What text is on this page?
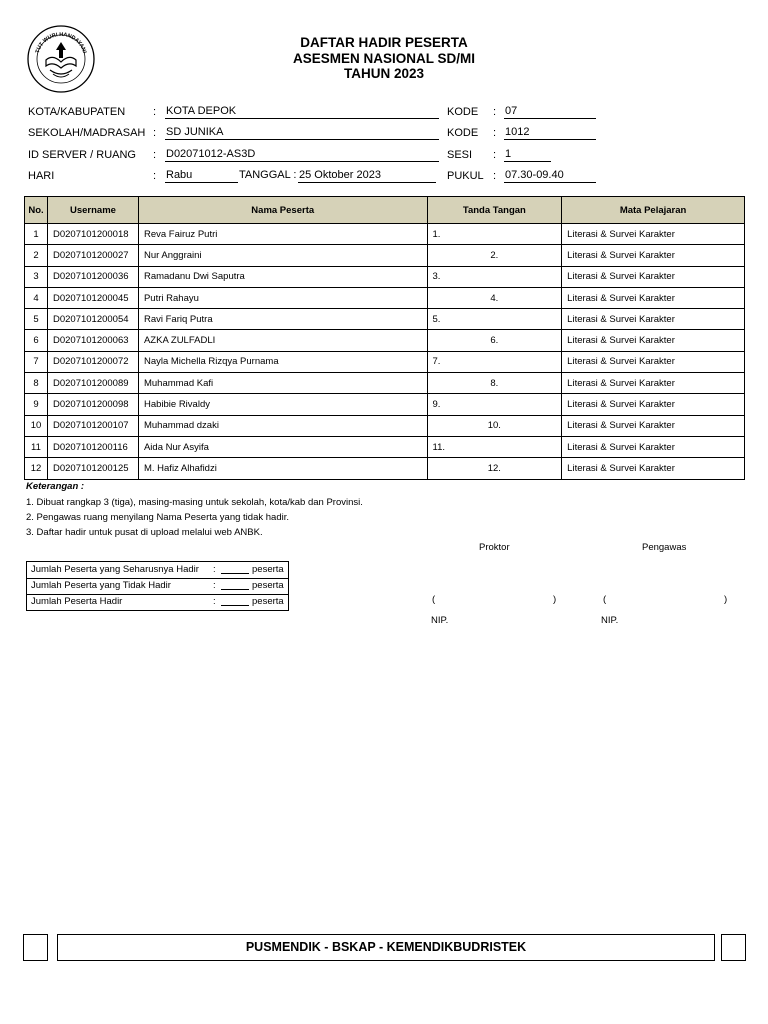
TUT WURI HANDAYANI
DAFTAR HADIR PESERTA
ASESMEN NASIONAL SD/MI
TAHUN 2023
KOTA/KABUPATEN	: KOTA DEPOK
SEKOLAH/MADRASAH : SD JUNIKA
ID SERVER / RUANG : D02071012-AS3D
HARI	: Rabu	TANGGAL : 25 Oktober 2023
KODE : 07
KODE : 1012
SESI : 1
PUKUL : 07.30-09.40
No.	Username	Nama Peserta	Tanda Tangan	Mata Pelajaran
1	D0207101200018	Reva Fairuz Putri	1.	Literasi & Survei Karakter
2	D0207101200027	Nur Anggraini	2.	Literasi & Survei Karakter
3	D0207101200036	Ramadanu Dwi Saputra	3.	Literasi & Survei Karakter
4	D0207101200045	Putri Rahayu	4.	Literasi & Survei Karakter
5	D0207101200054	Ravi Fariq Putra	5.	Literasi & Survei Karakter
6	D0207101200063	AZKA ZULFADLI	6.	Literasi & Survei Karakter
7	D0207101200072	Nayla Michella Rizqya Purnama	7.	Literasi & Survei Karakter
8	D0207101200089	Muhammad Kafi	8.	Literasi & Survei Karakter
9	D0207101200098	Habibie Rivaldy	9.	Literasi & Survei Karakter
10	D0207101200107	Muhammad dzaki	10.	Literasi & Survei Karakter
11	D0207101200116	Aida Nur Asyifa	11.	Literasi & Survei Karakter
12	D0207101200125	M. Hafiz Alhafidzi	12.	Literasi & Survei Karakter
Keterangan :
1. Dibuat rangkap 3 (tiga), masing-masing untuk sekolah, kota/kab dan Provinsi.
2. Pengawas ruang menyilang Nama Peserta yang tidak hadir.
3. Daftar hadir untuk pusat di upload melalui web ANBK.
Jumlah Peserta yang Seharusnya Hadir :	peserta
Jumlah Peserta yang Tidak Hadir	:	peserta
Jumlah Peserta Hadir	:	peserta
Proktor	Pengawas
(	)	(	)
NIP.	NIP.
PUSMENDIK - BSKAP - KEMENDIKBUDRISTEK
